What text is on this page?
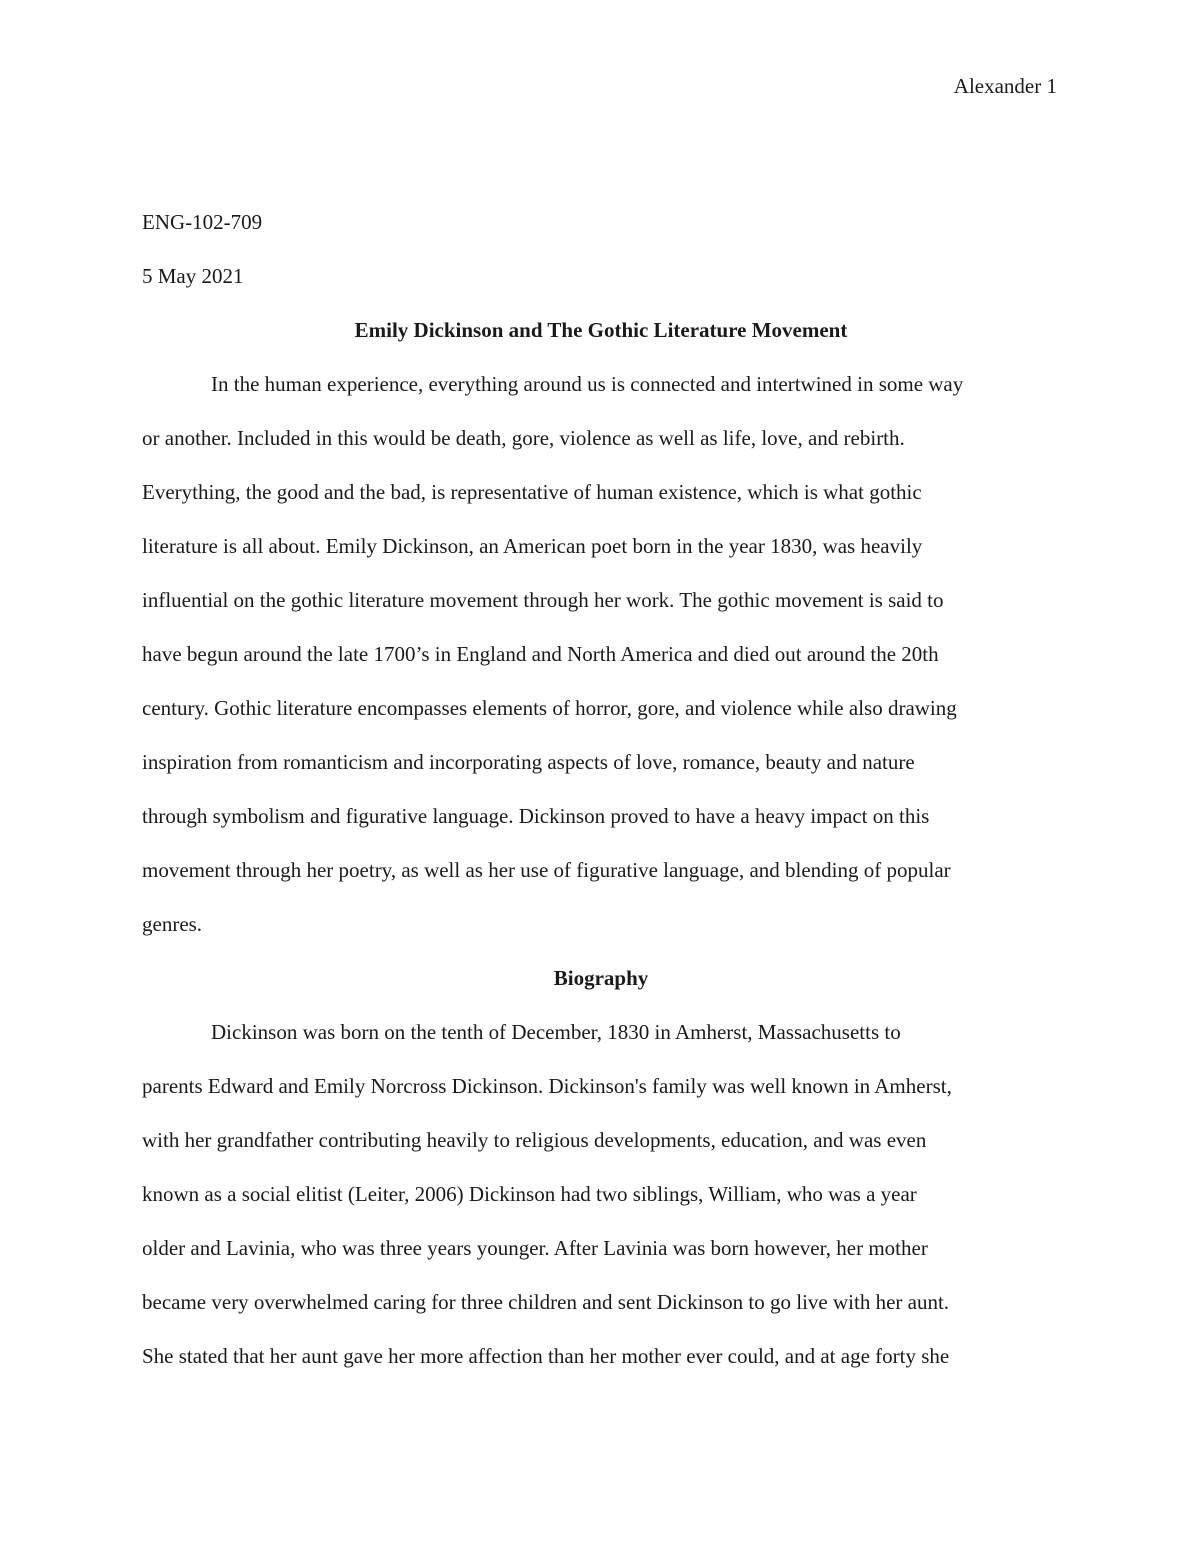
Alexander 1
ENG-102-709
5 May 2021
Emily Dickinson and The Gothic Literature Movement
In the human experience, everything around us is connected and intertwined in some way
or another. Included in this would be death, gore, violence as well as life, love, and rebirth.
Everything, the good and the bad, is representative of human existence, which is what gothic
literature is all about. Emily Dickinson, an American poet born in the year 1830, was heavily
influential on the gothic literature movement through her work. The gothic movement is said to
have begun around the late 1700’s in England and North America and died out around the 20th
century. Gothic literature encompasses elements of horror, gore, and violence while also drawing
inspiration from romanticism and incorporating aspects of love, romance, beauty and nature
through symbolism and figurative language. Dickinson proved to have a heavy impact on this
movement through her poetry, as well as her use of figurative language, and blending of popular
genres.
Biography
Dickinson was born on the tenth of December, 1830 in Amherst, Massachusetts to
parents Edward and Emily Norcross Dickinson. Dickinson's family was well known in Amherst,
with her grandfather contributing heavily to religious developments, education, and was even
known as a social elitist (Leiter, 2006) Dickinson had two siblings, William, who was a year
older and Lavinia, who was three years younger. After Lavinia was born however, her mother
became very overwhelmed caring for three children and sent Dickinson to go live with her aunt.
She stated that her aunt gave her more affection than her mother ever could, and at age forty she
